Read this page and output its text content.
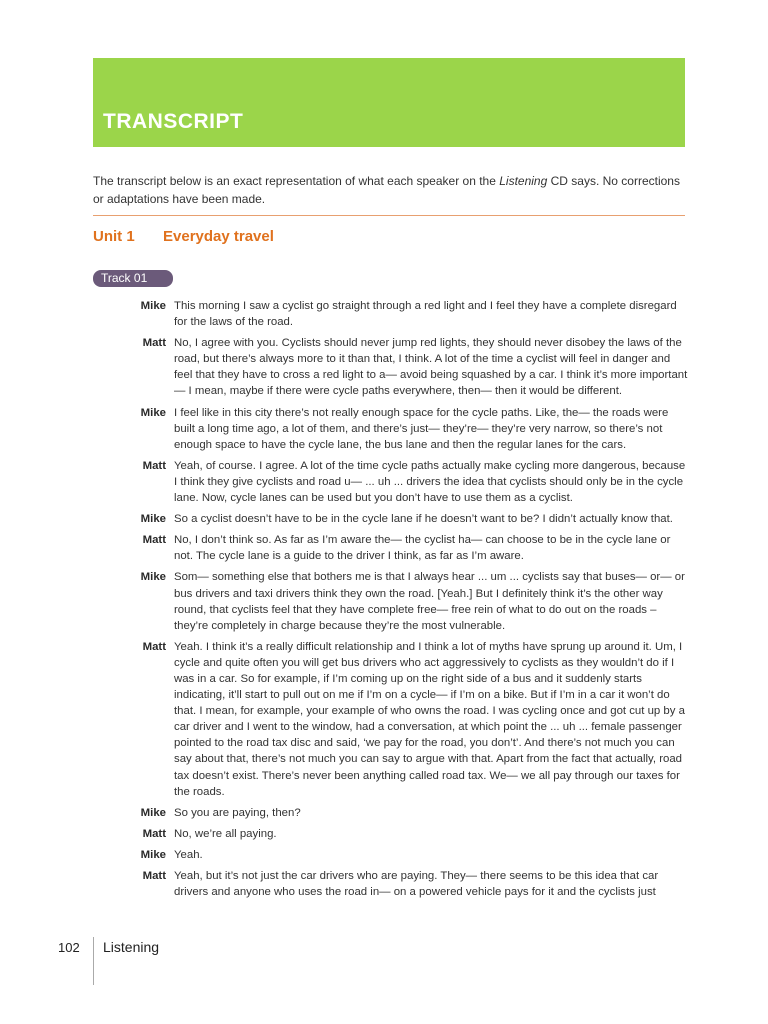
TRANSCRIPT
The transcript below is an exact representation of what each speaker on the Listening CD says. No corrections or adaptations have been made.
Unit 1 Everyday travel
Track 01
Mike This morning I saw a cyclist go straight through a red light and I feel they have a complete disregard for the laws of the road.
Matt No, I agree with you. Cyclists should never jump red lights, they should never disobey the laws of the road, but there’s always more to it than that, I think. A lot of the time a cyclist will feel in danger and feel that they have to cross a red light to a— avoid being squashed by a car. I think it’s more important— I mean, maybe if there were cycle paths everywhere, then— then it would be different.
Mike I feel like in this city there’s not really enough space for the cycle paths. Like, the— the roads were built a long time ago, a lot of them, and there’s just— they’re— they’re very narrow, so there’s not enough space to have the cycle lane, the bus lane and then the regular lanes for the cars.
Matt Yeah, of course. I agree. A lot of the time cycle paths actually make cycling more dangerous, because I think they give cyclists and road u— ... uh ... drivers the idea that cyclists should only be in the cycle lane. Now, cycle lanes can be used but you don’t have to use them as a cyclist.
Mike So a cyclist doesn’t have to be in the cycle lane if he doesn’t want to be? I didn’t actually know that.
Matt No, I don’t think so. As far as I’m aware the— the cyclist ha— can choose to be in the cycle lane or not. The cycle lane is a guide to the driver I think, as far as I’m aware.
Mike Som— something else that bothers me is that I always hear ... um ... cyclists say that buses— or— or bus drivers and taxi drivers think they own the road. [Yeah.] But I definitely think it’s the other way round, that cyclists feel that they have complete free— free rein of what to do out on the roads – they’re completely in charge because they’re the most vulnerable.
Matt Yeah. I think it’s a really difficult relationship and I think a lot of myths have sprung up around it. Um, I cycle and quite often you will get bus drivers who act aggressively to cyclists as they wouldn’t do if I was in a car. So for example, if I’m coming up on the right side of a bus and it suddenly starts indicating, it’ll start to pull out on me if I’m on a cycle— if I’m on a bike. But if I’m in a car it won’t do that. I mean, for example, your example of who owns the road. I was cycling once and got cut up by a car driver and I went to the window, had a conversation, at which point the ... uh ... female passenger pointed to the road tax disc and said, ‘we pay for the road, you don’t’. And there’s not much you can say about that, there’s not much you can say to argue with that. Apart from the fact that actually, road tax doesn’t exist. There’s never been anything called road tax. We— we all pay through our taxes for the roads.
Mike So you are paying, then?
Matt No, we’re all paying.
Mike Yeah.
Matt Yeah, but it’s not just the car drivers who are paying. They— there seems to be this idea that car drivers and anyone who uses the road in— on a powered vehicle pays for it and the cyclists just
102 Listening
